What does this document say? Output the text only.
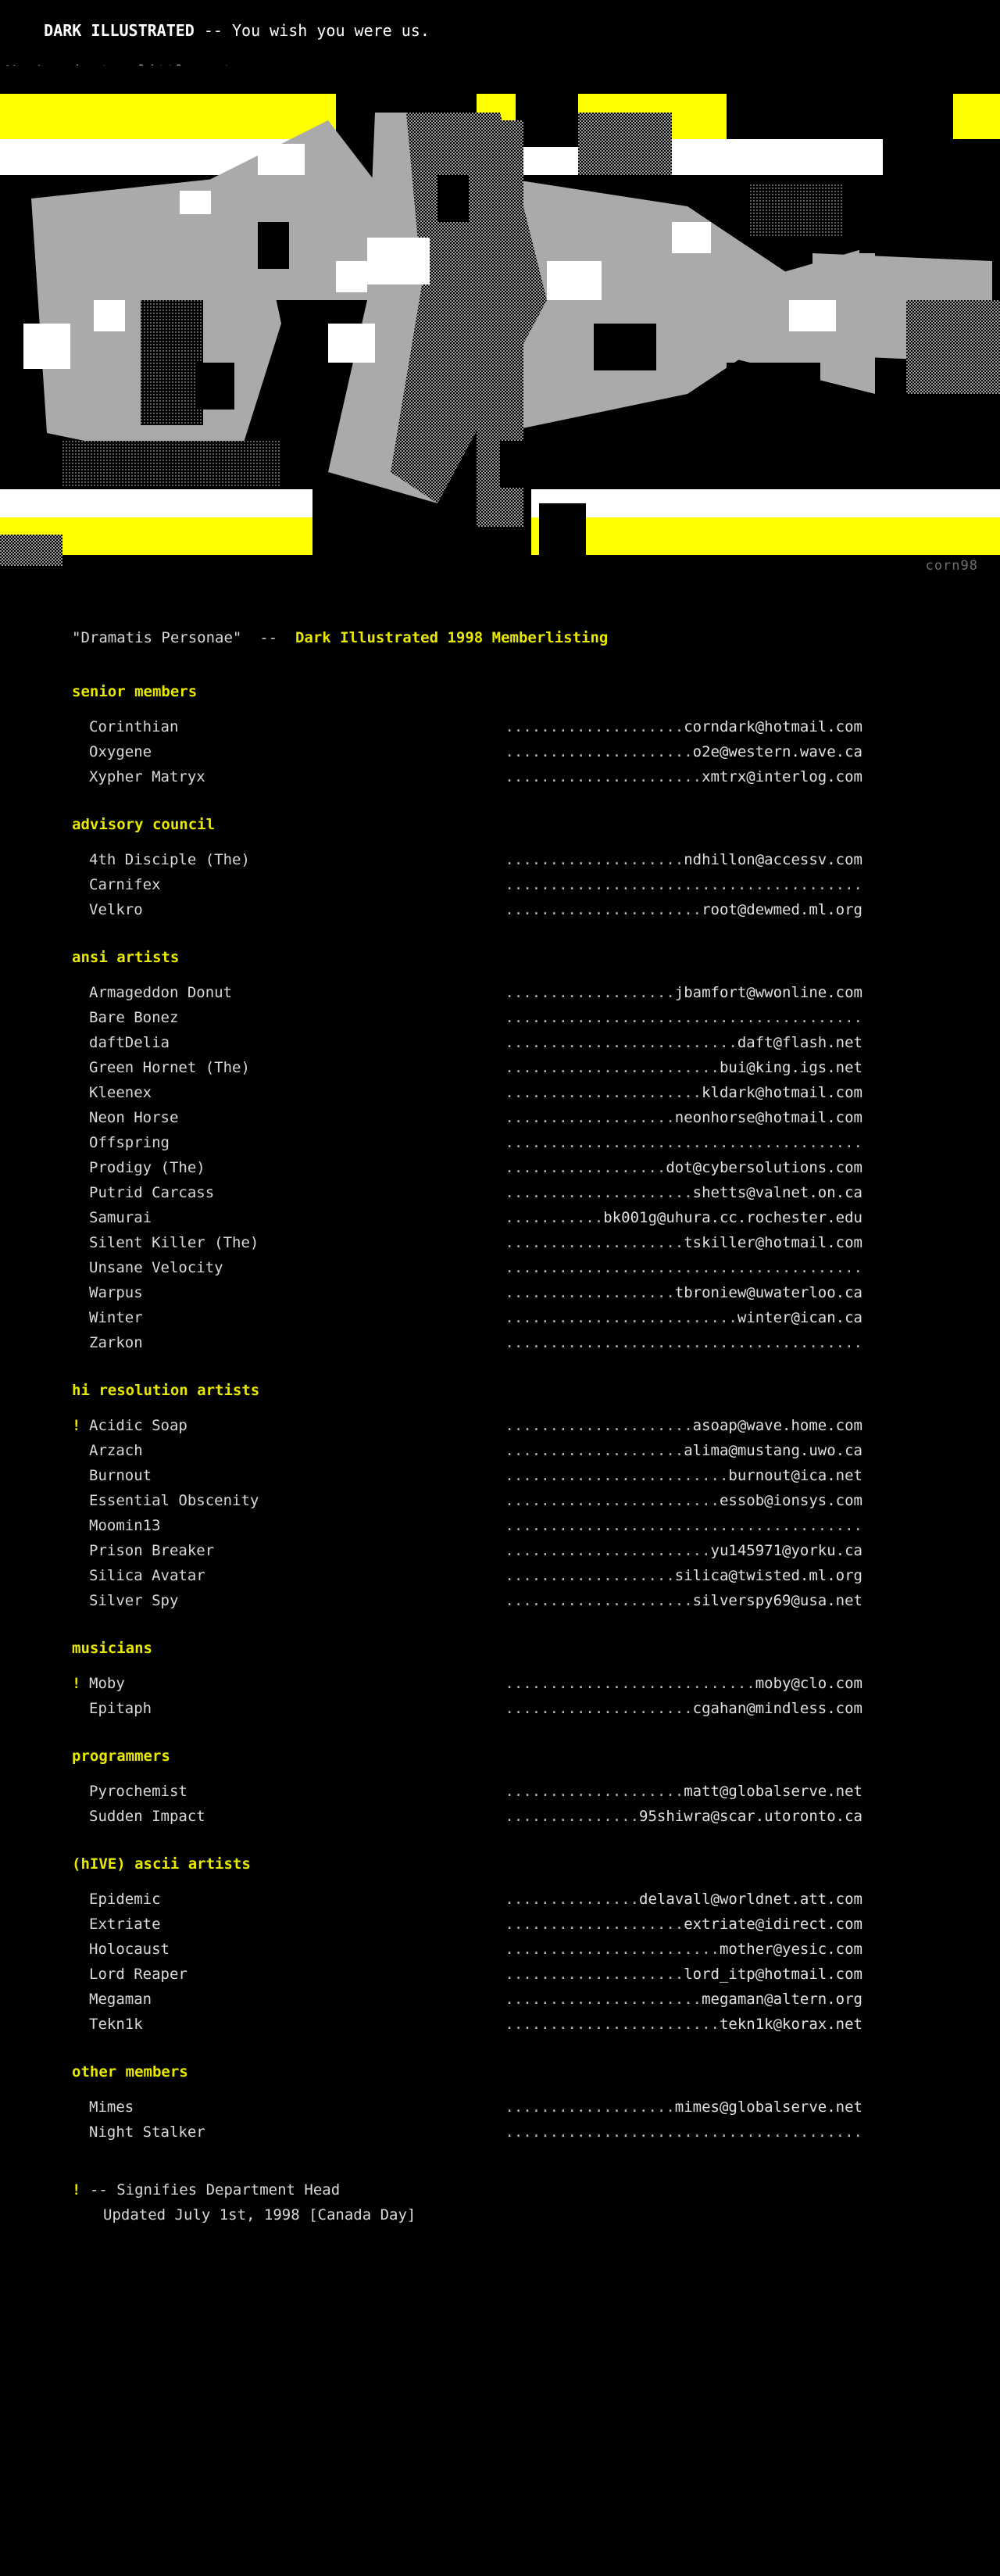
DARK ILLUSTRATED -- You wish you were us.

corn98
"Dramatis Personae"  --  Dark Illustrated 1998 Memberlisting
senior members

Corinthian	....................corndark@hotmail.com

Oxygene	.....................o2e@western.wave.ca

Xypher Matryx	......................xmtrx@interlog.com
advisory council

4th Disciple (The)	....................ndhillon@accessv.com

Carnifex	........................................

Velkro	......................root@dewmed.ml.org
ansi artists

Armageddon Donut	...................jbamfort@wwonline.com

Bare Bonez	........................................

daftDelia	..........................daft@flash.net

Green Hornet (The)	........................bui@king.igs.net

Kleenex	......................kldark@hotmail.com

Neon Horse	...................neonhorse@hotmail.com

Offspring	........................................

Prodigy (The)	..................dot@cybersolutions.com

Putrid Carcass	.....................shetts@valnet.on.ca

Samurai	...........bk001g@uhura.cc.rochester.edu

Silent Killer (The)	....................tskiller@hotmail.com

Unsane Velocity	........................................

Warpus	...................tbroniew@uwaterloo.ca

Winter	..........................winter@ican.ca

Zarkon	........................................
hi resolution artists
! Acidic Soap	.....................asoap@wave.home.com

Arzach	....................alima@mustang.uwo.ca

Burnout	.........................burnout@ica.net

Essential Obscenity	........................essob@ionsys.com

Moomin13	........................................

Prison Breaker	.......................yu145971@yorku.ca

Silica Avatar	...................silica@twisted.ml.org

Silver Spy	.....................silverspy69@usa.net
musicians
! Moby	............................moby@clo.com

Epitaph	.....................cgahan@mindless.com
programmers

Pyrochemist	....................matt@globalserve.net

Sudden Impact	...............95shiwra@scar.utoronto.ca
(hIVE) ascii artists

Epidemic	...............delavall@worldnet.att.com

Extriate	....................extriate@idirect.com

Holocaust	........................mother@yesic.com

Lord Reaper	....................lord_itp@hotmail.com

Megaman	......................megaman@altern.org

Tekn1k	........................tekn1k@korax.net
other members

Mimes	...................mimes@globalserve.net

Night Stalker	........................................
! -- Signifies Department Head
Updated July 1st, 1998 [Canada Day]
